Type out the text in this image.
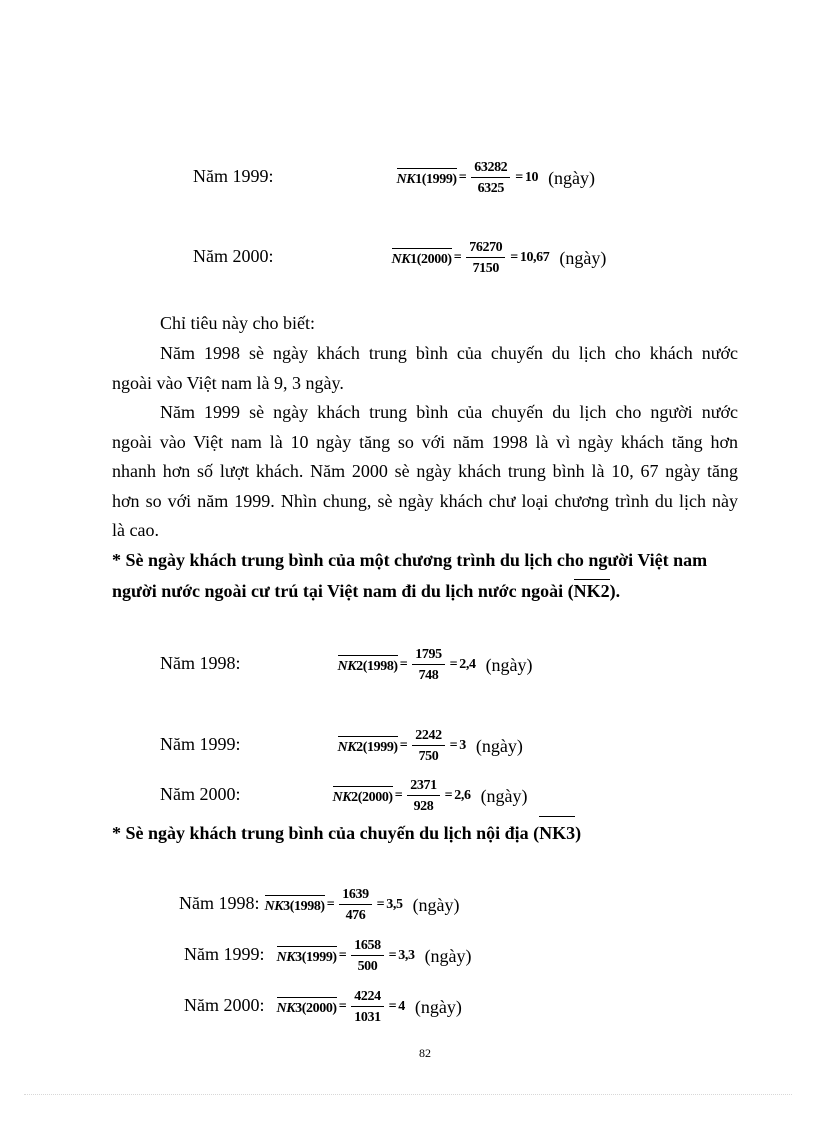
Năm 1999:	$NK1(1999) = \frac{63282}{6325} = 10$ (ngày)
Năm 2000:	$NK1(2000) = \frac{76270}{7150} = 10,67$ (ngày)
Chỉ tiêu này cho biết:
Năm 1998 sè ngày khách trung bình của chuyến du lịch cho khách nước
ngoài vào Việt nam là 9, 3 ngày.
Năm 1999 sè ngày khách trung bình của chuyến du lịch cho người nước
ngoài vào Việt nam là 10 ngày tăng so với năm 1998 là vì ngày khách tăng hơn
nhanh hơn số lượt khách. Năm 2000 sè ngày khách trung bình là 10, 67 ngày tăng
hơn so với năm 1999. Nhìn chung, sè ngày khách chư loại chương trình du lịch này
là cao.
* Sè ngày khách trung bình của một chương trình du lịch cho người Việt nam
người nước ngoài cư trú tại Việt nam đi du lịch nước ngoài (NK2).
Năm 1998:	$NK2(1998) = \frac{1795}{748} = 2,4$ (ngày)
Năm 1999:	$NK2(1999) = \frac{2242}{750} = 3$ (ngày)
Năm 2000:	$NK2(2000) = \frac{2371}{928} = 2,6$ (ngày)
* Sè ngày khách trung bình của chuyến du lịch nội địa (NK3)
Năm 1998: $NK3(1998) = \frac{1639}{476} = 3,5$ (ngày)
Năm 1999: $NK3(1999) = \frac{1658}{500} = 3,3$ (ngày)
Năm 2000: $NK3(2000) = \frac{4224}{1031} = 4$ (ngày)
82
